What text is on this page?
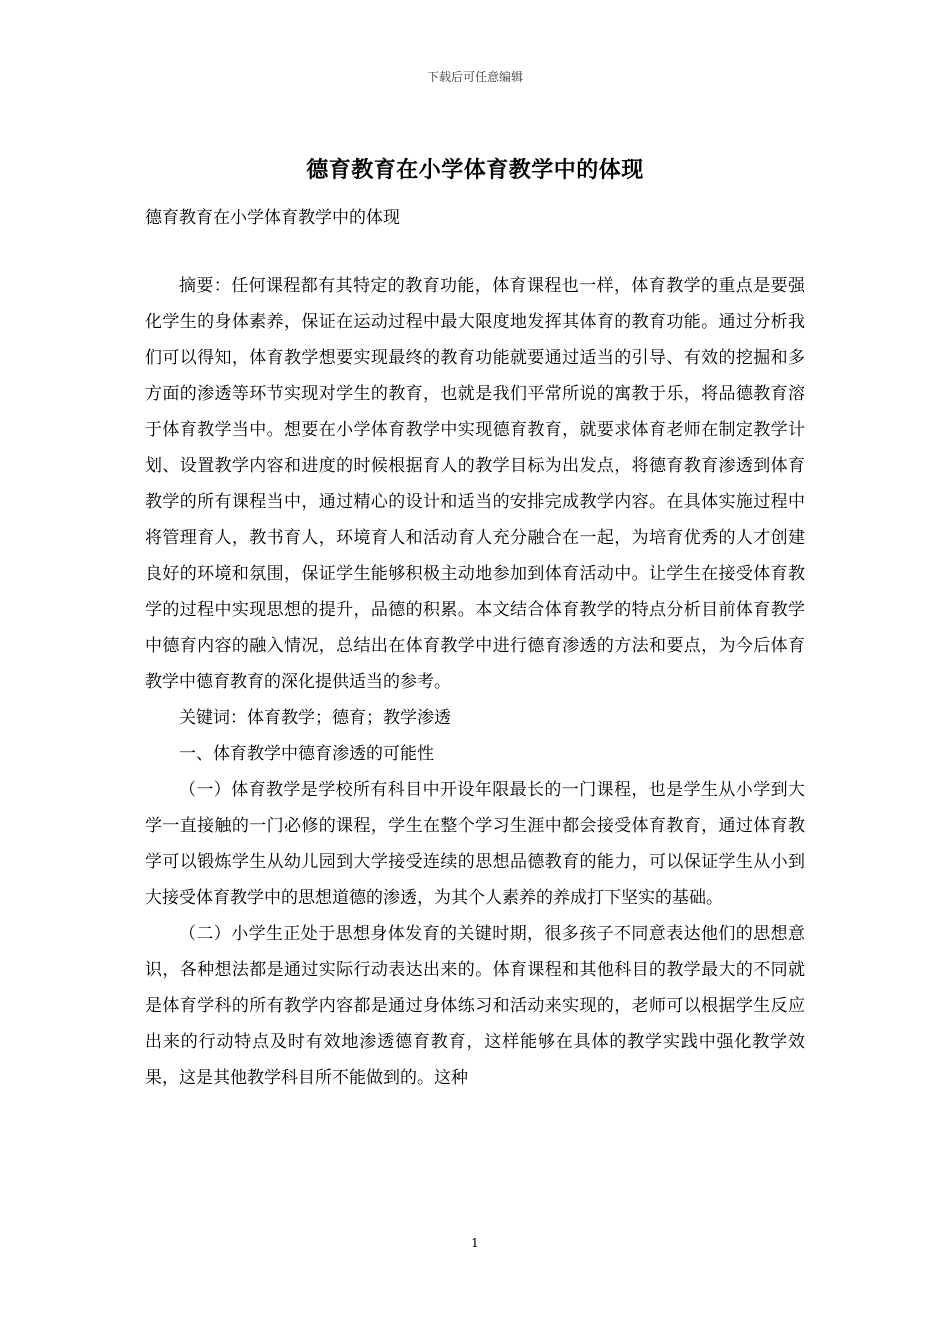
下载后可任意编辑
德育教育在小学体育教学中的体现
德育教育在小学体育教学中的体现

摘要：任何课程都有其特定的教育功能，体育课程也一样，体育教学的重点是要强化学生的身体素养，保证在运动过程中最大限度地发挥其体育的教育功能。通过分析我们可以得知，体育教学想要实现最终的教育功能就要通过适当的引导、有效的挖掘和多方面的渗透等环节实现对学生的教育，也就是我们平常所说的寓教于乐，将品德教育溶于体育教学当中。想要在小学体育教学中实现德育教育，就要求体育老师在制定教学计划、设置教学内容和进度的时候根据育人的教学目标为出发点，将德育教育渗透到体育教学的所有课程当中，通过精心的设计和适当的安排完成教学内容。在具体实施过程中将管理育人，教书育人，环境育人和活动育人充分融合在一起，为培育优秀的人才创建良好的环境和氛围，保证学生能够积极主动地参加到体育活动中。让学生在接受体育教学的过程中实现思想的提升，品德的积累。本文结合体育教学的特点分析目前体育教学中德育内容的融入情况，总结出在体育教学中进行德育渗透的方法和要点，为今后体育教学中德育教育的深化提供适当的参考。

关键词：体育教学；德育；教学渗透

一、体育教学中德育渗透的可能性

（一）体育教学是学校所有科目中开设年限最长的一门课程，也是学生从小学到大学一直接触的一门必修的课程，学生在整个学习生涯中都会接受体育教育，通过体育教学可以锻炼学生从幼儿园到大学接受连续的思想品德教育的能力，可以保证学生从小到大接受体育教学中的思想道德的渗透，为其个人素养的养成打下坚实的基础。

（二）小学生正处于思想身体发育的关键时期，很多孩子不同意表达他们的思想意识，各种想法都是通过实际行动表达出来的。体育课程和其他科目的教学最大的不同就是体育学科的所有教学内容都是通过身体练习和活动来实现的，老师可以根据学生反应出来的行动特点及时有效地渗透德育教育，这样能够在具体的教学实践中强化教学效果，这是其他教学科目所不能做到的。这种

1
